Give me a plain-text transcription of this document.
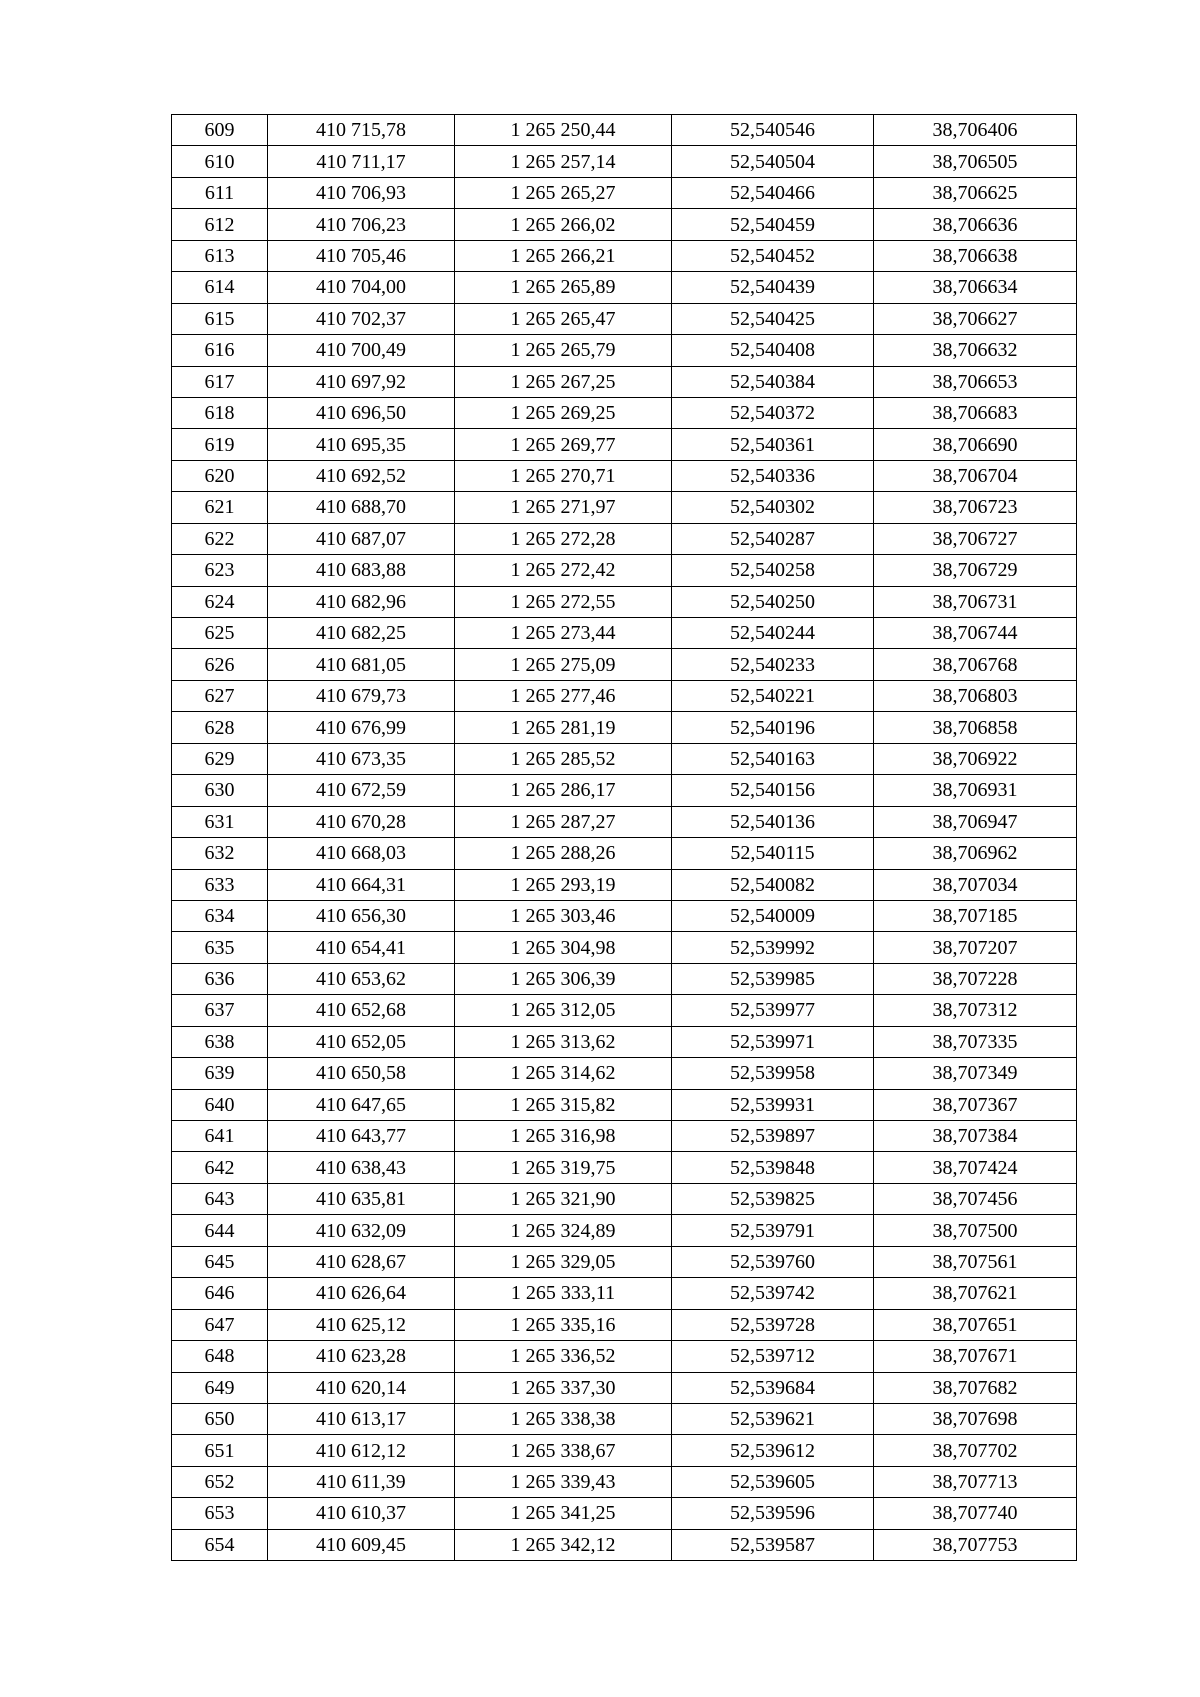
609	410 715,78	1 265 250,44	52,540546	38,706406
610	410 711,17	1 265 257,14	52,540504	38,706505
611	410 706,93	1 265 265,27	52,540466	38,706625
612	410 706,23	1 265 266,02	52,540459	38,706636
613	410 705,46	1 265 266,21	52,540452	38,706638
614	410 704,00	1 265 265,89	52,540439	38,706634
615	410 702,37	1 265 265,47	52,540425	38,706627
616	410 700,49	1 265 265,79	52,540408	38,706632
617	410 697,92	1 265 267,25	52,540384	38,706653
618	410 696,50	1 265 269,25	52,540372	38,706683
619	410 695,35	1 265 269,77	52,540361	38,706690
620	410 692,52	1 265 270,71	52,540336	38,706704
621	410 688,70	1 265 271,97	52,540302	38,706723
622	410 687,07	1 265 272,28	52,540287	38,706727
623	410 683,88	1 265 272,42	52,540258	38,706729
624	410 682,96	1 265 272,55	52,540250	38,706731
625	410 682,25	1 265 273,44	52,540244	38,706744
626	410 681,05	1 265 275,09	52,540233	38,706768
627	410 679,73	1 265 277,46	52,540221	38,706803
628	410 676,99	1 265 281,19	52,540196	38,706858
629	410 673,35	1 265 285,52	52,540163	38,706922
630	410 672,59	1 265 286,17	52,540156	38,706931
631	410 670,28	1 265 287,27	52,540136	38,706947
632	410 668,03	1 265 288,26	52,540115	38,706962
633	410 664,31	1 265 293,19	52,540082	38,707034
634	410 656,30	1 265 303,46	52,540009	38,707185
635	410 654,41	1 265 304,98	52,539992	38,707207
636	410 653,62	1 265 306,39	52,539985	38,707228
637	410 652,68	1 265 312,05	52,539977	38,707312
638	410 652,05	1 265 313,62	52,539971	38,707335
639	410 650,58	1 265 314,62	52,539958	38,707349
640	410 647,65	1 265 315,82	52,539931	38,707367
641	410 643,77	1 265 316,98	52,539897	38,707384
642	410 638,43	1 265 319,75	52,539848	38,707424
643	410 635,81	1 265 321,90	52,539825	38,707456
644	410 632,09	1 265 324,89	52,539791	38,707500
645	410 628,67	1 265 329,05	52,539760	38,707561
646	410 626,64	1 265 333,11	52,539742	38,707621
647	410 625,12	1 265 335,16	52,539728	38,707651
648	410 623,28	1 265 336,52	52,539712	38,707671
649	410 620,14	1 265 337,30	52,539684	38,707682
650	410 613,17	1 265 338,38	52,539621	38,707698
651	410 612,12	1 265 338,67	52,539612	38,707702
652	410 611,39	1 265 339,43	52,539605	38,707713
653	410 610,37	1 265 341,25	52,539596	38,707740
654	410 609,45	1 265 342,12	52,539587	38,707753
